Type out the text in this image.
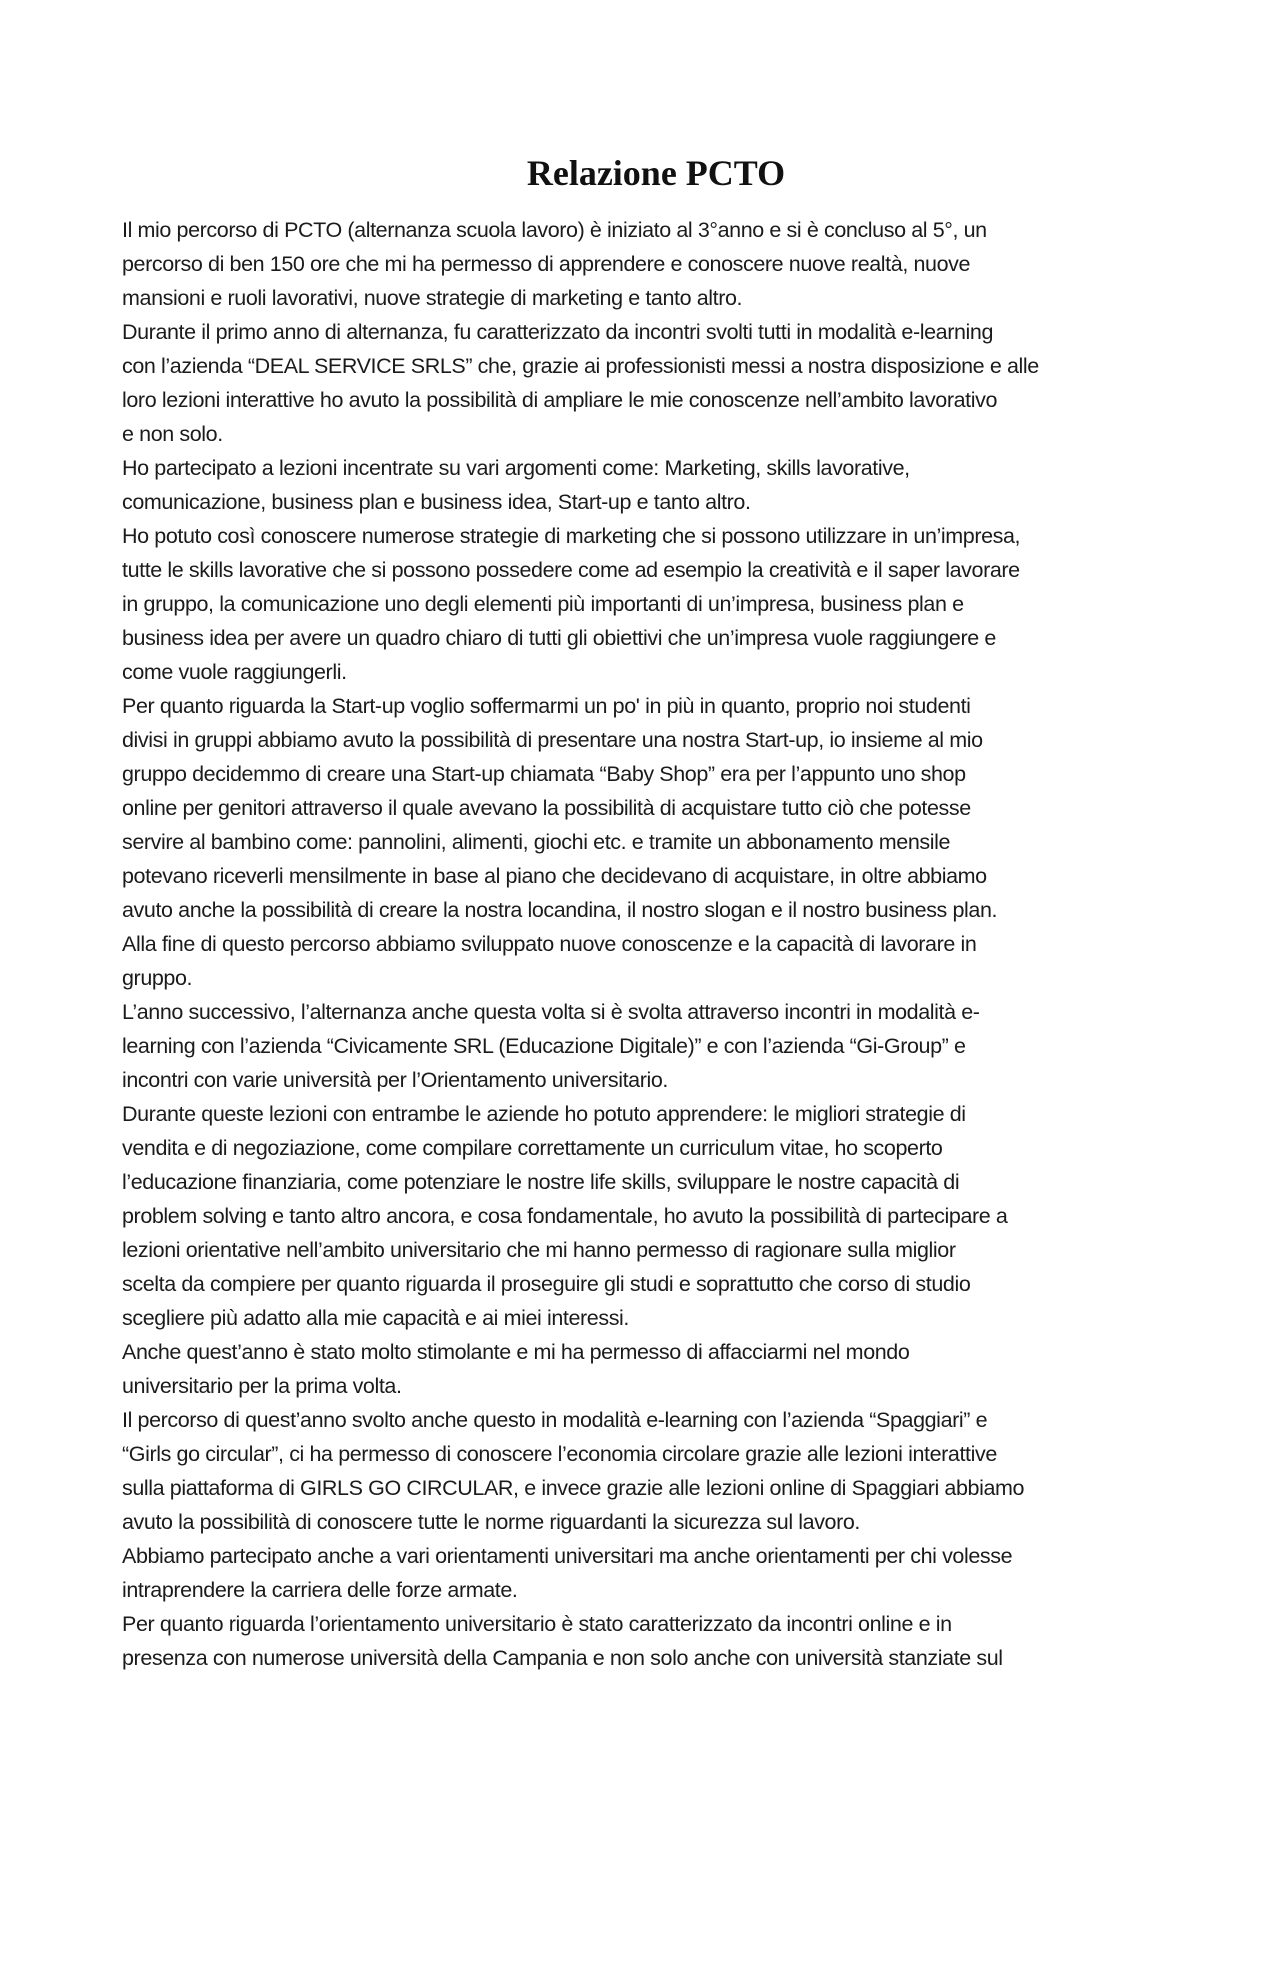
Relazione PCTO
Il mio percorso di PCTO (alternanza scuola lavoro) è iniziato al 3°anno e si è concluso al 5°, un
percorso di ben 150 ore che mi ha permesso di apprendere e conoscere nuove realtà, nuove
mansioni e ruoli lavorativi, nuove strategie di marketing e tanto altro.
Durante il primo anno di alternanza, fu caratterizzato da incontri svolti tutti in modalità e-learning
con l’azienda “DEAL SERVICE SRLS” che, grazie ai professionisti messi a nostra disposizione e alle
loro lezioni interattive ho avuto la possibilità di ampliare le mie conoscenze nell’ambito lavorativo
e non solo.
Ho partecipato a lezioni incentrate su vari argomenti come: Marketing, skills lavorative,
comunicazione, business plan e business idea, Start-up e tanto altro.
Ho potuto così conoscere numerose strategie di marketing che si possono utilizzare in un’impresa,
tutte le skills lavorative che si possono possedere come ad esempio la creatività e il saper lavorare
in gruppo, la comunicazione uno degli elementi più importanti di un’impresa, business plan e
business idea per avere un quadro chiaro di tutti gli obiettivi che un’impresa vuole raggiungere e
come vuole raggiungerli.
Per quanto riguarda la Start-up voglio soffermarmi un po' in più in quanto, proprio noi studenti
divisi in gruppi abbiamo avuto la possibilità di presentare una nostra Start-up, io insieme al mio
gruppo decidemmo di creare una Start-up chiamata “Baby Shop” era per l’appunto uno shop
online per genitori attraverso il quale avevano la possibilità di acquistare tutto ciò che potesse
servire al bambino come: pannolini, alimenti, giochi etc. e tramite un abbonamento mensile
potevano riceverli mensilmente in base al piano che decidevano di acquistare, in oltre abbiamo
avuto anche la possibilità di creare la nostra locandina, il nostro slogan e il nostro business plan.
Alla fine di questo percorso abbiamo sviluppato nuove conoscenze e la capacità di lavorare in
gruppo.
L’anno successivo, l’alternanza anche questa volta si è svolta attraverso incontri in modalità e-
learning con l’azienda “Civicamente SRL (Educazione Digitale)” e con l’azienda “Gi-Group” e
incontri con varie università per l’Orientamento universitario.
Durante queste lezioni con entrambe le aziende ho potuto apprendere: le migliori strategie di
vendita e di negoziazione, come compilare correttamente un curriculum vitae, ho scoperto
l’educazione finanziaria, come potenziare le nostre life skills, sviluppare le nostre capacità di
problem solving e tanto altro ancora, e cosa fondamentale, ho avuto la possibilità di partecipare a
lezioni orientative nell’ambito universitario che mi hanno permesso di ragionare sulla miglior
scelta da compiere per quanto riguarda il proseguire gli studi e soprattutto che corso di studio
scegliere più adatto alla mie capacità e ai miei interessi.
Anche quest’anno è stato molto stimolante e mi ha permesso di affacciarmi nel mondo
universitario per la prima volta.
Il percorso di quest’anno svolto anche questo in modalità e-learning con l’azienda “Spaggiari” e
“Girls go circular”, ci ha permesso di conoscere l’economia circolare grazie alle lezioni interattive
sulla piattaforma di GIRLS GO CIRCULAR, e invece grazie alle lezioni online di Spaggiari abbiamo
avuto la possibilità di conoscere tutte le norme riguardanti la sicurezza sul lavoro.
Abbiamo partecipato anche a vari orientamenti universitari ma anche orientamenti per chi volesse
intraprendere la carriera delle forze armate.
Per quanto riguarda l’orientamento universitario è stato caratterizzato da incontri online e in
presenza con numerose università della Campania e non solo anche con università stanziate sul
